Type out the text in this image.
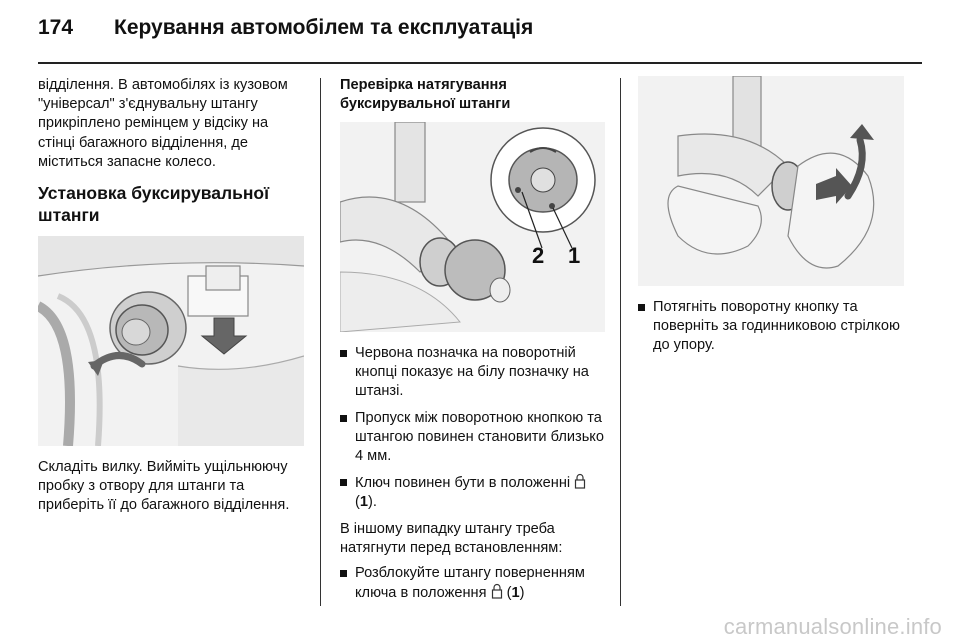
174 Керування автомобілем та експлуатація

відділення. В автомобілях із кузовом "універсал" з'єднувальну штангу прикріплено ремінцем у відсіку на стінці багажного відділення, де міститься запасне колесо.

Установка буксирувальної штанги

Складіть вилку. Вийміть ущільнюючу пробку з отвору для штанги та приберіть її до багажного відділення.

Перевірка натягування буксирувальної штанги
2 1
Червона позначка на поворотній кнопці показує на білу позначку на штанзі.
Пропуск між поворотною кнопкою та штангою повинен становити близько 4 мм.
Ключ повинен бути в положенні  (1).

В іншому випадку штангу треба натягнути перед встановленням:

Розблокуйте штангу поверненням ключа в положення (1)
Потягніть поворотну кнопку та поверніть за годинниковою стрілкою до упору.
carmanualsonline.info
